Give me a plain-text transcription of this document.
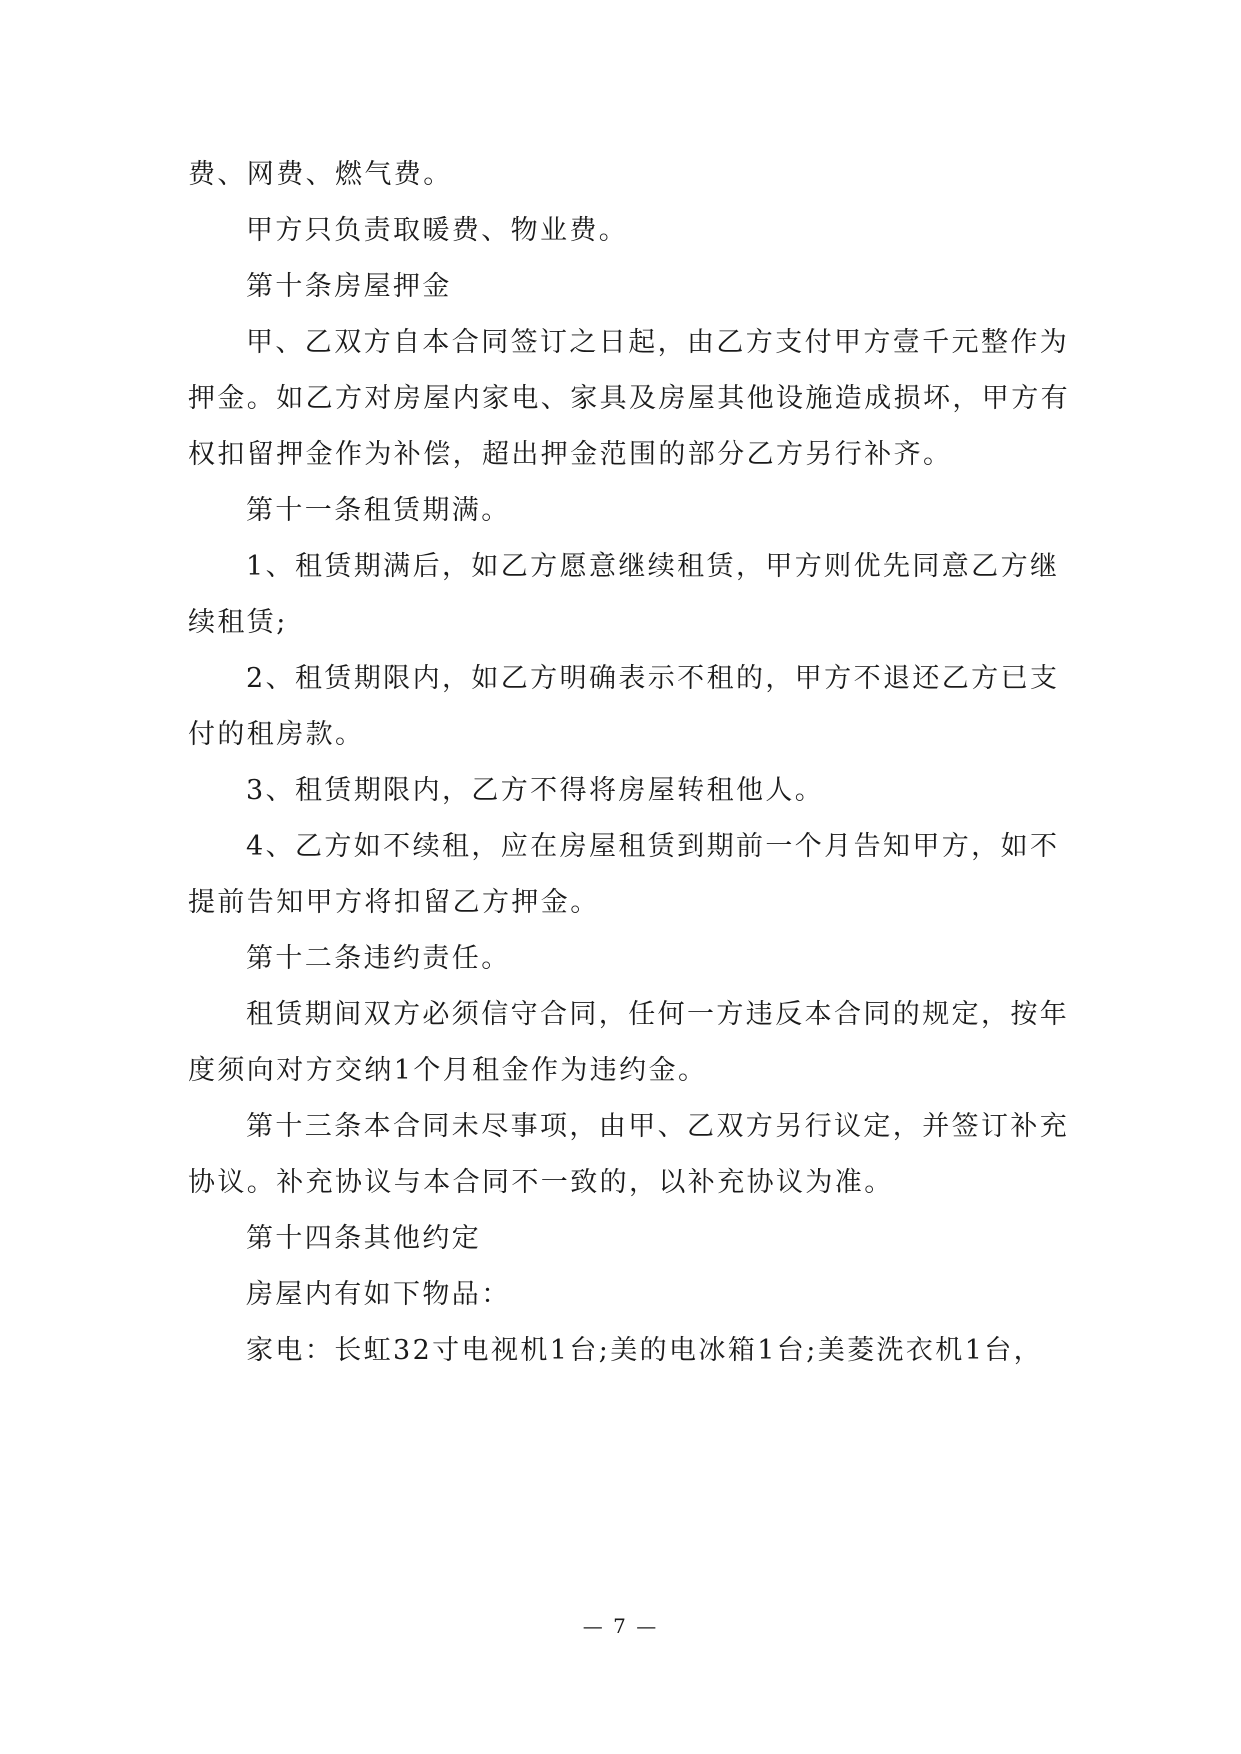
费、网费、燃气费。
甲方只负责取暖费、物业费。
第十条房屋押金
甲、乙双方自本合同签订之日起，由乙方支付甲方壹千元整作为
押金。如乙方对房屋内家电、家具及房屋其他设施造成损坏，甲方有
权扣留押金作为补偿，超出押金范围的部分乙方另行补齐。
第十一条租赁期满。
1、租赁期满后，如乙方愿意继续租赁，甲方则优先同意乙方继
续租赁;
2、租赁期限内，如乙方明确表示不租的，甲方不退还乙方已支
付的租房款。
3、租赁期限内，乙方不得将房屋转租他人。
4、乙方如不续租，应在房屋租赁到期前一个月告知甲方，如不
提前告知甲方将扣留乙方押金。
第十二条违约责任。
租赁期间双方必须信守合同，任何一方违反本合同的规定，按年
度须向对方交纳1个月租金作为违约金。
第十三条本合同未尽事项，由甲、乙双方另行议定，并签订补充
协议。补充协议与本合同不一致的，以补充协议为准。
第十四条其他约定
房屋内有如下物品：
家电：长虹32寸电视机1台;美的电冰箱1台;美菱洗衣机1台，
— 7 —
